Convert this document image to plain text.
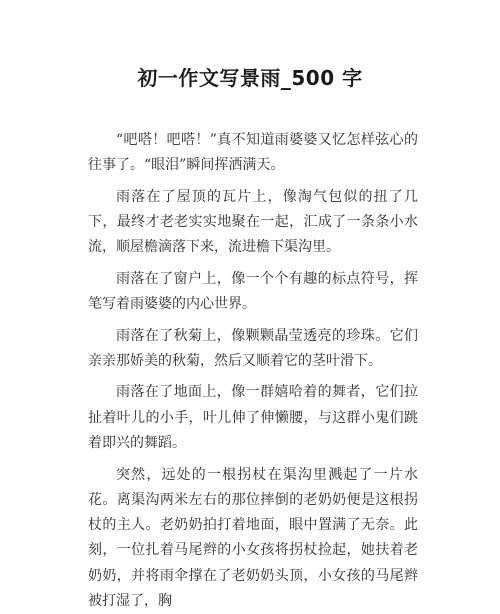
初一作文写景雨_500 字

“吧嗒！吧嗒！”真不知道雨婆婆又忆怎样弦心的往事了。“眼泪”瞬间挥洒满天。

雨落在了屋顶的瓦片上，像淘气包似的扭了几下，最终才老老实实地聚在一起，汇成了一条条小水流，顺屋檐滴落下来，流进檐下渠沟里。

雨落在了窗户上，像一个个有趣的标点符号，挥笔写着雨婆婆的内心世界。

雨落在了秋菊上，像颗颗晶莹透亮的珍珠。它们亲亲那娇美的秋菊，然后又顺着它的茎叶滑下。

雨落在了地面上，像一群嬉哈着的舞者，它们拉扯着叶儿的小手，叶儿伸了伸懒腰，与这群小鬼们跳着即兴的舞蹈。

突然，远处的一根拐杖在渠沟里溅起了一片水花。离渠沟两米左右的那位摔倒的老奶奶便是这根拐杖的主人。老奶奶拍打着地面，眼中置满了无奈。此刻，一位扎着马尾辫的小女孩将拐杖捡起，她扶着老奶奶，并将雨伞撑在了老奶奶头顶，小女孩的马尾辫被打湿了，胸
